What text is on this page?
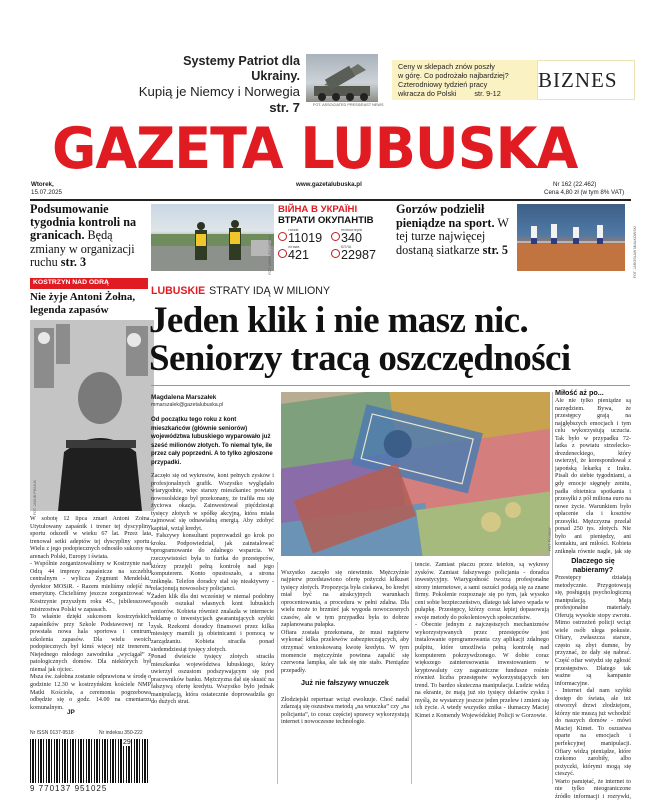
Systemy Patriot dla Ukrainy.
Kupią je Niemcy i Norwegia str. 7	FOT. ASSOCIATED PRESS/EAST NEWS
Ceny w sklepach znów poszły
w górę. Co podrożało najbardziej?
Czterodniowy tydzień pracy
wkracza do Polski str. 9-12
BIZNES
GAZETA LUBUSKA
Wtorek,
15.07.2025
www.gazetalubuska.pl	Nr 162 (22.462)
Cena 4,80 zł (w tym 8% VAT)
Podsumowanie tygodnia kontroli na granicach. Będą zmiany w organizacji ruchu str. 3	FOT. MARIUSZ KAPAŁA
ВІЙНА В УКРАЇНІ
ВТРАТИ ОКУПАНТІВ
танків
11019
гелікоптерів
340
літаків
421
БПЛА
22987
Gorzów podzielił pieniądze na sport. W tej turze najwięcej dostaną siatkarze str. 5	FOT. JAROSŁAW MIAŁKOWSKI
KOSTRZYN NAD ODRĄ
Nie żyje Antoni Żołna, legenda zapasów
FOT. JAKUB PIKULIK
W sobotę 12 lipca zmarł Antoni Żołna. Utytułowany zapaśnik i trener tej dyscypliny sportu odszedł w wieku 67 lat. Przez lata trenował setki adeptów tej dyscypliny sportu. Wielu z jego podopiecznych odnosiło sukcesy na arenach Polski, Europy i świata.
- Wspólnie zorganizowaliśmy w Kostrzynie nad Odrą 44 imprezy zapaśnicze na szczeblu centralnym - wylicza Zygmunt Mendelski, dyrektor MOSiR. - Razem mieliśmy odejść na emeryturę. Chcieliśmy jeszcze zorganizować w Kostrzynie przyszłym roku 45., jubileuszowe mistrzostwa Polski w zapasach.
To właśnie dzięki sukcesom kostrzyńskich zapaśników przy Szkole Podstawowej nr 1 powstała nowa hala sportowa i centrum szkolenia zapasów. Dla wielu swoich podopiecznych był kimś więcej niż trenerem. Niejednego młodego zawodnika „wyciągał” z patologicznych domów. Dla niektórych był niemal jak ojciec.
Msza św. żałobna zostanie odprawiona w środę o godzinie 12.30 w kostrzyńskim kościele NMP Matki Kościoła, a ceremonia pogrzebowa odbędzie się o godz. 14.00 na cmentarzu komunalnym.
JP
Nr ISSN 0137-9518	Nr indeksu 350-222
9 770137 951025
29
LUBUSKIE STRATY IDĄ W MILIONY
Jeden klik i nie masz nic.
Seniorzy tracą oszczędności
Magdalena Marszałek
mmarszalek@gazetalubuska.pl
Od początku tego roku z kont mieszkańców (głównie seniorów) województwa lubuskiego wyparowało już sześć milionów złotych. To niemal tyle, ile przez cały poprzedni. A to tylko zgłoszone przypadki.
Zaczęło się od wykresów, kont pełnych zysków i profesjonalnych grafik. Wszystko wyglądało wiarygodnie, więc starszy mieszkaniec powiatu nowosolskiego był przekonany, że trafiła mu się życiowa okazja. Zainwestował pięćdziesiąt tysięcy złotych w spółkę akcyjną, która miała zajmować się odnawialną energią. Aby zdobyć kapitał, wziął kredyt.
- Fałszywy konsultant poprowadził go krok po kroku. Podpowiedział, jak zainstalować oprogramowanie do zdalnego wsparcia. W rzeczywistości była to furtka do przestępców, którzy przejęli pełną kontrolę nad jego komputerem. Konto opustoszało, a strona zniknęła. Telefon doradcy stał się nieaktywny - relacjonują nowosolscy policjanci.
Żaden klik dla dni wcześniej w niemal podobny sposób oszukał własnych kont lubuskich seniorów. Kobieta również znalazła w internecie reklamę o inwestycjach gwarantujących szybki zysk. Rzekomi doradcy finansowi przez kilka miesięcy mamili ją obietnicami i pomocą w zarządzaniu. Kobieta straciła ponad siedemdziesiąt tysięcy złotych.
Ponad dwieście tysięcy złotych straciła mieszkanka województwa lubuskiego, który uwierzył oszustom podszywającym się pod pracowników banku. Mężczyzna dał się skusić na fałszywą ofertę kredytu. Wszystko było jednak manipulacją, która ostatecznie doprowadziła go do dużych strat.
FOT. PIXABAY

Wszystko zaczęło się niewinnie. Mężczyźnie najpierw przedstawiono ofertę pożyczki kilkuset tysięcy złotych. Propozycja była ciekawa, bo kredyt miał być na atrakcyjnych warunkach oprocentowania, a procedura w pełni zdalna. Dla wielu może to brzmieć jak wygoda nowoczesnych czasów, ale w tym przypadku była to dobrze zaplanowana pułapka.
Ofiara została przekonana, że musi najpierw wykonać kilka przelewów zabezpieczających, aby otrzymać wnioskowaną kwotę kredytu. W tym momencie mężczyźnie powinna zapalić się czerwona lampka, ale tak się nie stało. Pieniądze przepadły.

Już nie fałszywy wnuczek

Złodziejski repertuar wciąż ewoluuje. Choć nadal zdarzają się oszustwa metodą „na wnuczka” czy „na policjanta”, to coraz częściej sprawcy wykorzystują internet i nowoczesne technologie.

tencie. Zamiast płaczu przez telefon, są wykresy zysków. Zamiast fałszywego policjanta - doradca inwestycyjny. Wiarygodność tworzą profesjonalne strony internetowe, a sami oszuści podają się za znane firmy. Pokolenie rozpoznaje się po tym, jak wysoko ceni sobie bezpieczeństwo, dlatego tak łatwo wpada w pułapkę. Przestępcy, którzy coraz lepiej dopasowują swoje metody do pokoleniowych społeczeństw.
- Obecnie jednym z najczęstszych mechanizmów wykorzystywanych przez przestępców jest instalowanie oprogramowania czy aplikacji zdalnego pulpitu, które umożliwia pełną kontrolę nad komputerem pokrzywdzonego. W dobie coraz większego zainteresowania inwestowaniem w kryptowaluty czy zagraniczne fundusze rośnie również liczba przestępstw wykorzystujących ten trend. To bardzo skuteczna manipulacja. Ludzie widzą na ekranie, że mają już sto tysięcy dolarów zysku i myślą, że wystarczy jeszcze jeden przelew i zmieni się ich życie. A wtedy wszystko znika - tłumaczy Maciej Kimet z Komendy Wojewódzkiej Policji w Gorzowie.
Miłość aż po...
Ale nie tylko pieniądze są narzędziem. Bywa, że przestępcy grają na najgłębszych emocjach i tym celu wykorzystują uczucia. Tak było w przypadku 72-latka z powiatu strzelecko-drezdeneckiego, który uwierzył, że korespondował z japońską lekarką z Iraku. Pisali do siebie tygodniami, a gdy emocje sięgnęły zenitu, padła obietnica spotkania i przesyłki z pół miliona euro na nowe życie. Warunkiem było opłacenie cła i kosztów przesyłki. Mężczyzna przelał ponad 250 tys. złotych. Nie było ani pieniędzy, ani kontaktu, ani miłości. Kobieta zniknęła równie nagle, jak się
Dlaczego się nabieramy?
Przestępcy działają metodycznie. Przygotowują się, posługują psychologiczną manipulacją. Mają profesjonalne materiały. Oferują wysokie stopy zwrotu. Mimo ostrzeżeń policji wciąż wiele osób ulega pokusie. Ofiary, zwłaszcza starsze, często są zbyt dumne, by przyznać, że dały się nabrać. Część ofiar wstydzi się zgłosić przestępstwo. Dlatego tak ważne są kampanie informacyjne.
- Internet dał nam szybki dostęp do świata, ale też otworzył drzwi złodziejom, którzy nie muszą już wchodzić do naszych domów - mówi Maciej Kimet. To oszustwa oparte na emocjach i perfekcyjnej manipulacji. Ofiary widzą pieniądze, które rzekomo zarobiły, albo pożyczki, którymi mogą się cieszyć.
Warto pamiętać, że internet to nie tylko nieograniczone źródło informacji i rozrywki,
